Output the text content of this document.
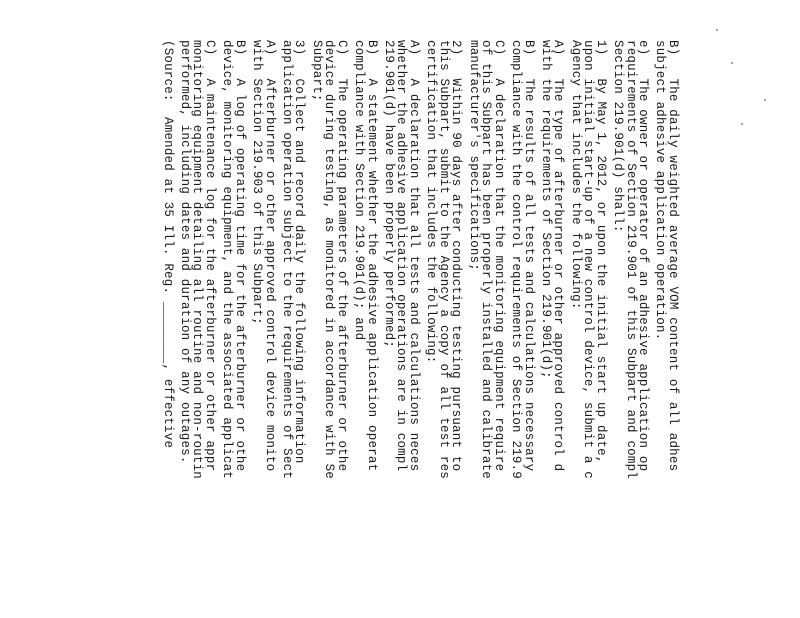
B)   The daily weighted average VOM content of all adhes
subject adhesive application operation.
e)   The owner or operator of an adhesive application op
requirements of Section 219.901 of this Subpart and compl
Section 219.901(d) shall:
1)   By May 1, 2012, or upon the initial start up date,
upon initial start-up of a new control device, submit a c
Agency that includes the following:
A)   The type of afterburner or other approved control d
with the requirements of Section 219.901(d);
B)   The results of all tests and calculations necessary
compliance with the control requirements of Section 219.9
C)   A declaration that the monitoring equipment require
of this Subpart has been properly installed and calibrate
manufacturer's specifications;
2)   Within 90 days after conducting testing pursuant to
this Subpart, submit to the Agency a copy of all test res
certification that includes the following:
A)   A declaration that all tests and calculations neces
whether the adhesive application operations are in compl
219.901(d) have been properly performed;
B)   A statement whether the adhesive application operat
compliance with Section 219.901(d); and
C)   The operating parameters of the afterburner or othe
device during testing, as monitored in accordance with Se
Subpart;
3)   Collect and record daily the following information
application operation subject to the requirements of Sect
A)   Afterburner or other approved control device monito
with Section 219.903 of this Subpart;
B)   A log of operating time for the afterburner or othe
device, monitoring equipment, and the associated applicat
C)   A maintenance log for the afterburner or other appr
monitoring equipment detailing all routine and non-routin
performed, including dates and duration of any outages.
(Source:  Amended at 35 Ill. Reg. ________, effective
